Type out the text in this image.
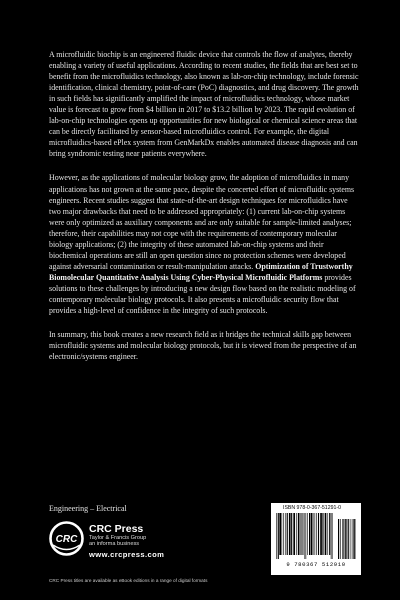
A microfluidic biochip is an engineered fluidic device that controls the flow of analytes, thereby enabling a variety of useful applications. According to recent studies, the fields that are best set to benefit from the microfluidics technology, also known as lab-on-chip technology, include forensic identification, clinical chemistry, point-of-care (PoC) diagnostics, and drug discovery. The growth in such fields has significantly amplified the impact of microfluidics technology, whose market value is forecast to grow from $4 billion in 2017 to $13.2 billion by 2023. The rapid evolution of lab-on-chip technologies opens up opportunities for new biological or chemical science areas that can be directly facilitated by sensor-based microfluidics control. For example, the digital microfluidics-based ePlex system from GenMarkDx enables automated disease diagnosis and can bring syndromic testing near patients everywhere.

However, as the applications of molecular biology grow, the adoption of microfluidics in many applications has not grown at the same pace, despite the concerted effort of microfluidic systems engineers. Recent studies suggest that state-of-the-art design techniques for microfluidics have two major drawbacks that need to be addressed appropriately: (1) current lab-on-chip systems were only optimized as auxiliary components and are only suitable for sample-limited analyses; therefore, their capabilities may not cope with the requirements of contemporary molecular biology applications; (2) the integrity of these automated lab-on-chip systems and their biochemical operations are still an open question since no protection schemes were developed against adversarial contamination or result-manipulation attacks. Optimization of Trustworthy Biomolecular Quantitative Analysis Using Cyber-Physical Microfluidic Platforms provides solutions to these challenges by introducing a new design flow based on the realistic modeling of contemporary molecular biology protocols. It also presents a microfluidic security flow that provides a high-level of confidence in the integrity of such protocols.

In summary, this book creates a new research field as it bridges the technical skills gap between microfluidic systems and molecular biology protocols, but it is viewed from the perspective of an electronic/systems engineer.

Engineering – Electrical
CRC
CRC Press
Taylor & Francis Group
an informa business
www.crcpress.com
CRC Press titles are available as eBook editions in a range of digital formats
ISBN 978-0-367-51291-0
9 780367 512910
